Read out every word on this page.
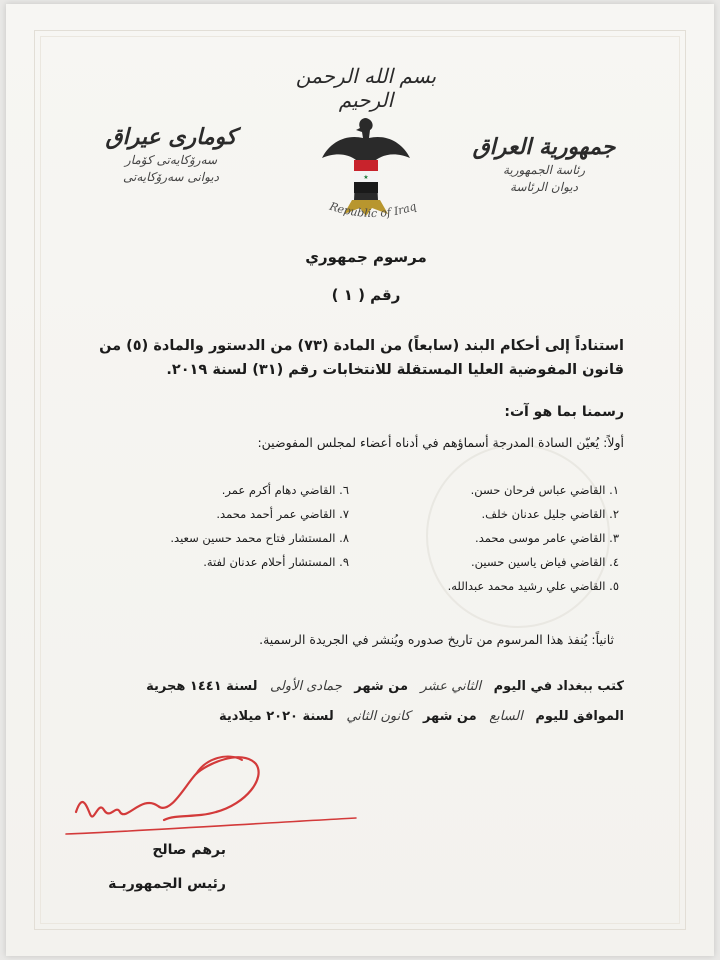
بسم الله الرحمن الرحيم
جمهورية العراق
رئاسة الجمهورية
ديوان الرئاسة
كوماری عیراق
سەرۆکایەتی کۆمار
دیوانی سەرۆکایەتی	★
Republic of Iraq
مرسوم جمهوري
رقم ( ١ )
استناداً إلى أحكام البند (سابعاً) من المادة (٧٣) من الدستور والمادة (٥) من
قانون المفوضية العليا المستقلة للانتخابات رقم (٣١) لسنة ٢٠١٩.
رسمنا بما هو آت:
أولاً: يُعيّن السادة المدرجة أسماؤهم في أدناه أعضاء لمجلس المفوضين:
١. القاضي عباس فرحان حسن.
٢. القاضي جليل عدنان خلف.
٣. القاضي عامر موسى محمد.
٤. القاضي فياض ياسين حسين.
٥. القاضي علي رشيد محمد عبدالله.
٦. القاضي دهام أكرم عمر.
٧. القاضي عمر أحمد محمد.
٨. المستشار فتاح محمد حسين سعيد.
٩. المستشار أحلام عدنان لفتة.
ثانياً: يُنفذ هذا المرسوم من تاريخ صدوره ويُنشر في الجريدة الرسمية.
كتب ببغداد في اليوم الثاني عشر من شهر جمادى الأولى لسنة ١٤٤١ هجرية
الموافق لليوم السابع من شهر كانون الثاني لسنة ٢٠٢٠ ميلادية
برهم صالح
رئيس الجمهوريـة
